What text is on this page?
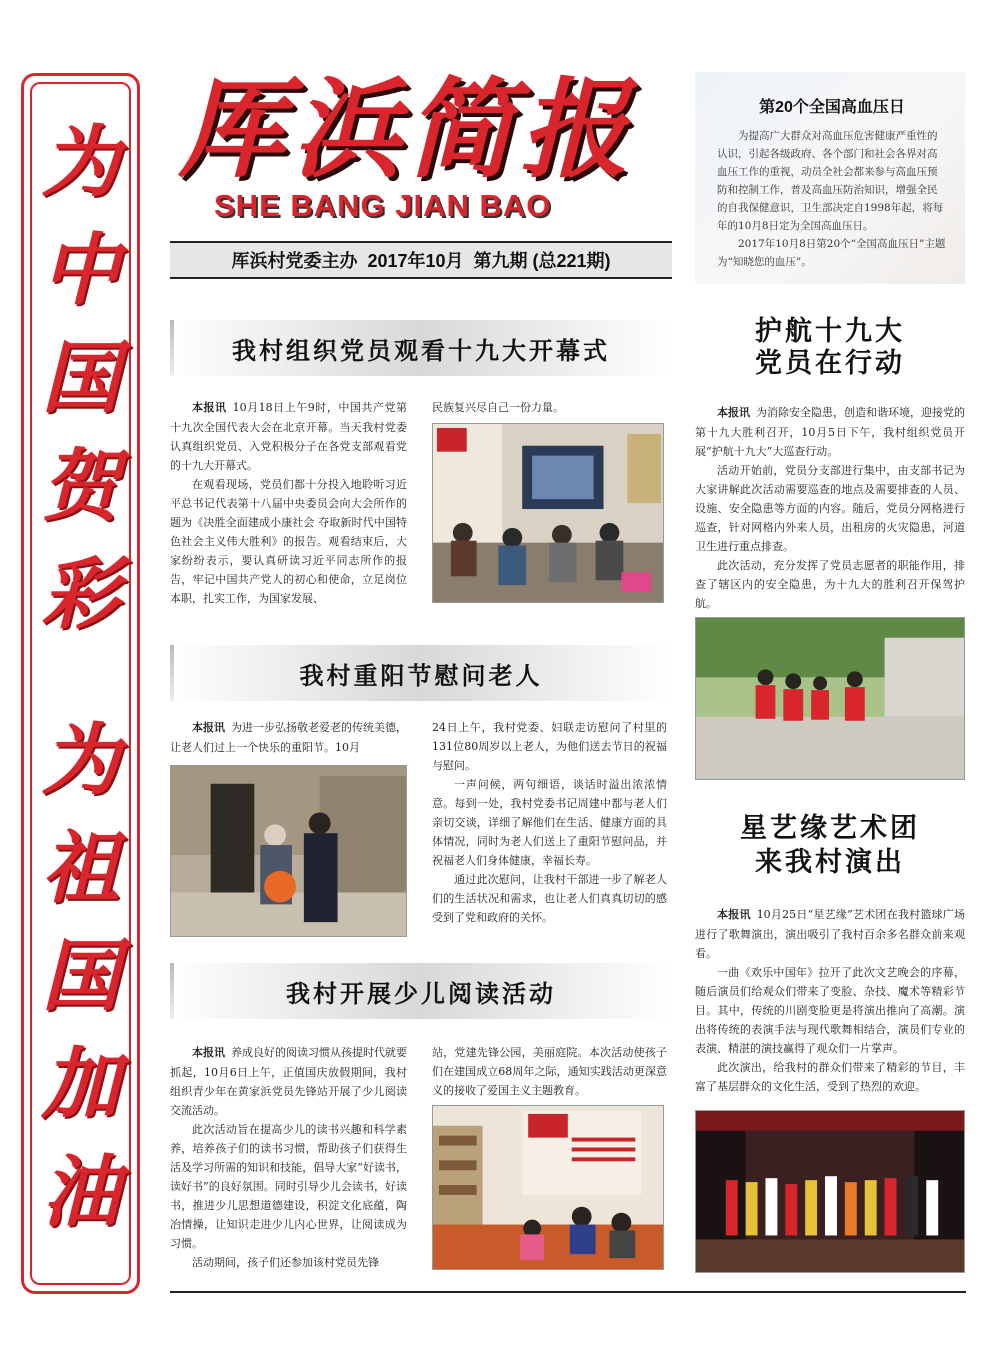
为
中
国
贺
彩
为
祖
国
加
油
厍浜简报
SHE BANG JIAN BAO
厍浜村党委主办  2017年10月  第九期 (总221期)
第20个全国高血压日

为提高广大群众对高血压危害健康严重性的认识，引起各级政府、各个部门和社会各界对高血压工作的重视，动员全社会都来参与高血压预防和控制工作，普及高血压防治知识，增强全民的自我保健意识，卫生部决定自1998年起，将每年的10月8日定为全国高血压日。

2017年10月8日第20个“全国高血压日”主题为“知晓您的血压”。

我村组织党员观看十九大开幕式

本报讯 10月18日上午9时，中国共产党第十九次全国代表大会在北京开幕。当天我村党委认真组织党员、入党积极分子在各党支部观看党的十九大开幕式。

在观看现场，党员们都十分投入地聆听习近平总书记代表第十八届中央委员会向大会所作的题为《决胜全面建成小康社会 夺取新时代中国特色社会主义伟大胜利》的报告。观看结束后，大家纷纷表示，要认真研读习近平同志所作的报告，牢记中国共产党人的初心和使命，立足岗位本职，扎实工作，为国家发展、

民族复兴尽自己一份力量。

我村重阳节慰问老人

本报讯 为进一步弘扬敬老爱老的传统美德，让老人们过上一个快乐的重阳节。10月

24日上午，我村党委、妇联走访慰问了村里的131位80周岁以上老人，为他们送去节日的祝福与慰问。

一声问候，两句细语，谈话时溢出浓浓情意。每到一处，我村党委书记周建中都与老人们亲切交谈，详细了解他们在生活、健康方面的具体情况，同时为老人们送上了重阳节慰问品，并祝福老人们身体健康，幸福长寿。

通过此次慰问，让我村干部进一步了解老人们的生活状况和需求，也让老人们真真切切的感受到了党和政府的关怀。

我村开展少儿阅读活动

本报讯 养成良好的阅读习惯从孩提时代就要抓起，10月6日上午，正值国庆放假期间，我村组织青少年在黄家浜党员先锋站开展了少儿阅读交流活动。

此次活动旨在提高少儿的读书兴趣和科学素养，培养孩子们的读书习惯，帮助孩子们获得生活及学习所需的知识和技能，倡导大家“好读书，读好书”的良好氛围。同时引导少儿会读书，好读书，推进少儿思想道德建设，积淀文化底蕴，陶冶情操，让知识走进少儿内心世界，让阅读成为习惯。

活动期间，孩子们还参加该村党员先锋

站，党建先锋公园，美丽庭院。本次活动使孩子们在建国成立68周年之际，通知实践活动更深意义的接收了爱国主义主题教育。

护航十九大
党员在行动

本报讯 为消除安全隐患，创造和谐环境，迎接党的第十九大胜利召开，10月5日下午，我村组织党员开展“护航十九大”大巡查行动。

活动开始前，党员分支部进行集中，由支部书记为大家讲解此次活动需要巡查的地点及需要排查的人员、设施、安全隐患等方面的内容。随后，党员分网格进行巡查，针对网格内外来人员，出租房的火灾隐患，河道卫生进行重点排查。

此次活动，充分发挥了党员志愿者的职能作用，排查了辖区内的安全隐患，为十九大的胜利召开保驾护航。

星艺缘艺术团
来我村演出

本报讯 10月25日“星艺缘”艺术团在我村篮球广场进行了歌舞演出，演出吸引了我村百余多名群众前来观看。

一曲《欢乐中国年》拉开了此次文艺晚会的序幕，随后演员们给观众们带来了变脸、杂技、魔术等精彩节目。其中，传统的川剧变脸更是将演出推向了高潮。演出将传统的表演手法与现代歌舞相结合，演员们专业的表演、精湛的演技赢得了观众们一片掌声。

此次演出，给我村的群众们带来了精彩的节目，丰富了基层群众的文化生活，受到了热烈的欢迎。
